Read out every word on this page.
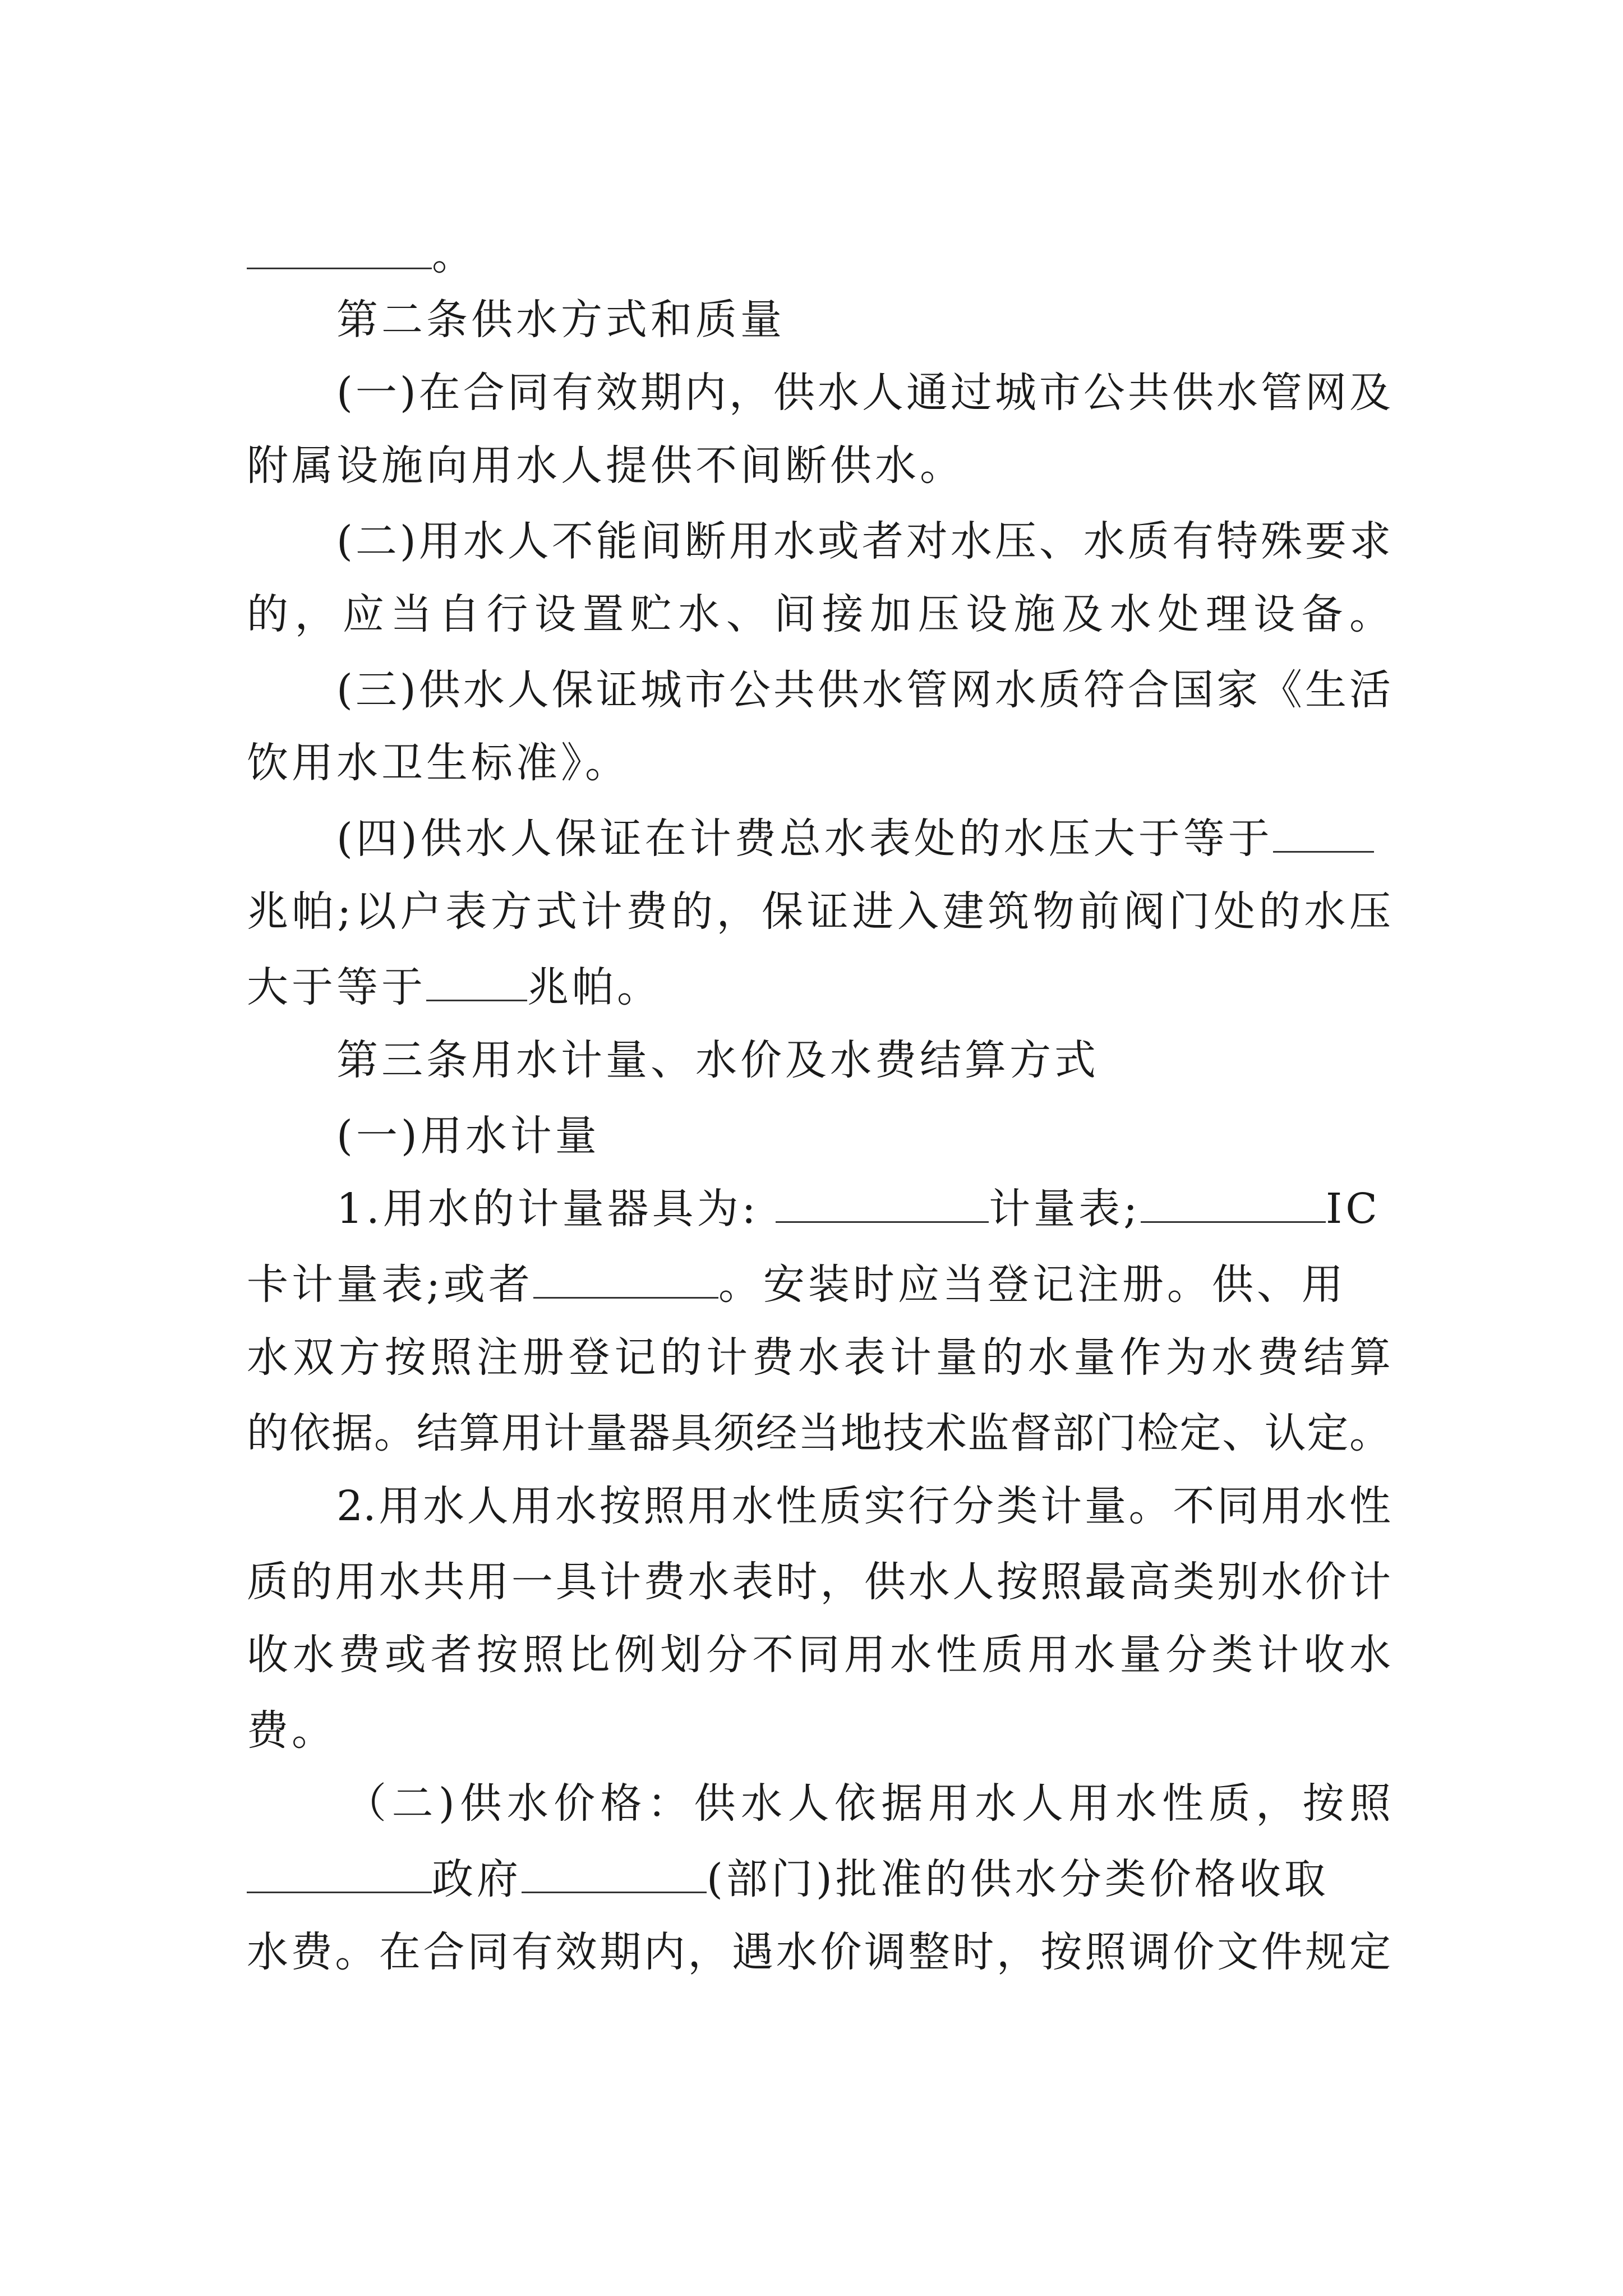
。
第二条供水方式和质量
(一)在合同有效期内，供水人通过城市公共供水管网及
附属设施向用水人提供不间断供水。
(二)用水人不能间断用水或者对水压、水质有特殊要求
的，应当自行设置贮水、间接加压设施及水处理设备。
(三)供水人保证城市公共供水管网水质符合国家《生活
饮用水卫生标准》。
(四)供水人保证在计费总水表处的水压大于等于
兆帕;以户表方式计费的，保证进入建筑物前阀门处的水压
大于等于 兆帕。
第三条用水计量、水价及水费结算方式
(一)用水计量
1.用水的计量器具为:	计量表;	IC
卡计量表;或者	。安装时应当登记注册。供、用
水双方按照注册登记的计费水表计量的水量作为水费结算
的依据。结算用计量器具须经当地技术监督部门检定、认定。
2.用水人用水按照用水性质实行分类计量。不同用水性
质的用水共用一具计费水表时，供水人按照最高类别水价计
收水费或者按照比例划分不同用水性质用水量分类计收水
费。
（二)供水价格：供水人依据用水人用水性质，按照
政府	(部门)批准的供水分类价格收取
水费。在合同有效期内，遇水价调整时，按照调价文件规定
